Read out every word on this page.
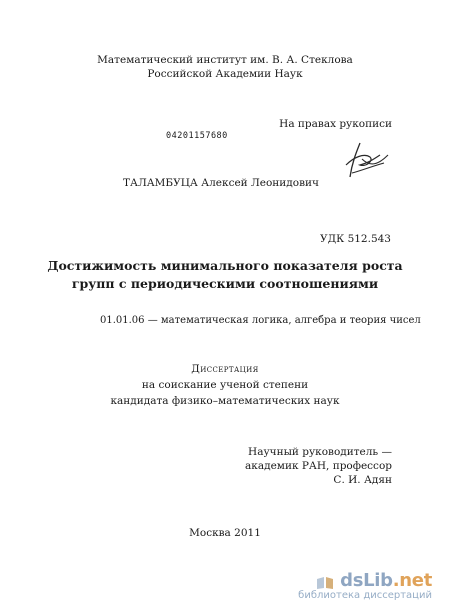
Математический институт им. В. А. Стеклова
Российской Академии Наук
На правах рукописи
04201157680
ТАЛАМБУЦА Алексей Леонидович
УДК 512.543
Достижимость минимального показателя роста
групп с периодическими соотношениями
01.01.06 — математическая логика, алгебра и теория чисел
Диссертация
на соискание ученой степени
кандидата физико–математических наук
Научный руководитель —
академик РАН, профессор
С. И. Адян
Москва 2011
dsLib.net
библиотека диссертаций
